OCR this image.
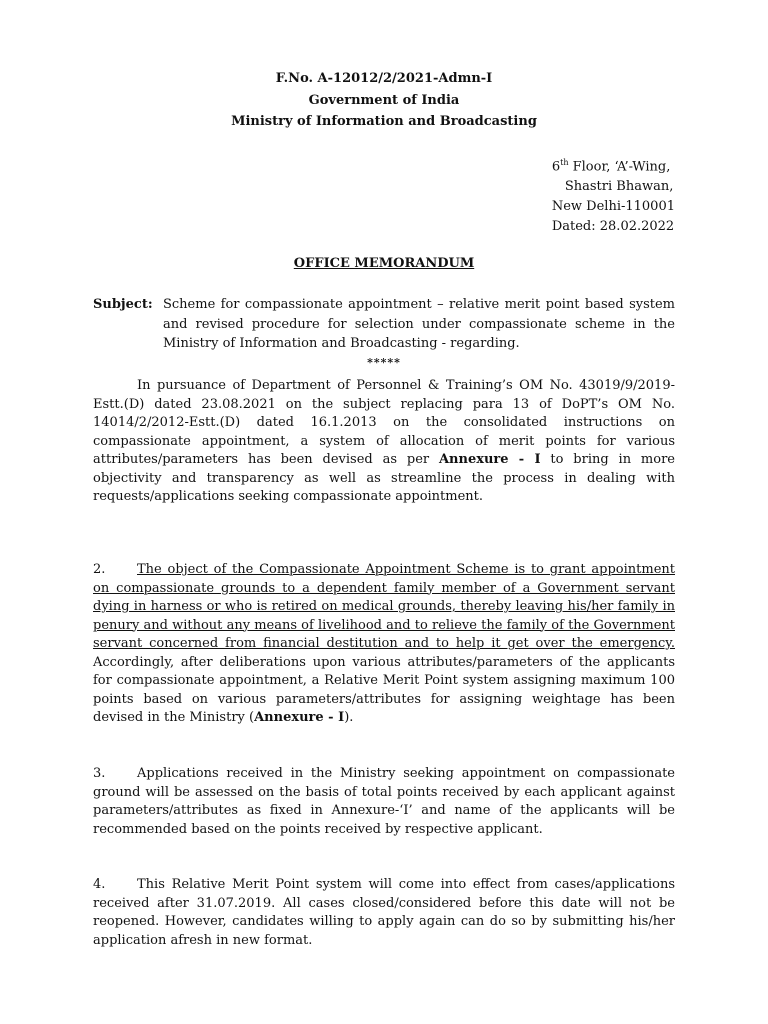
F.No. A-12012/2/2021-Admn-I
Government of India
Ministry of Information and Broadcasting
6th Floor, ‘A’-Wing,
Shastri Bhawan,
New Delhi-110001
Dated: 28.02.2022
OFFICE MEMORANDUM
Subject: Scheme for compassionate appointment – relative merit point based system and revised procedure for selection under compassionate scheme in the Ministry of Information and Broadcasting - regarding.
*****
In pursuance of Department of Personnel & Training’s OM No. 43019/9/2019-Estt.(D) dated 23.08.2021 on the subject replacing para 13 of DoPT’s OM No. 14014/2/2012-Estt.(D) dated 16.1.2013 on the consolidated instructions on compassionate appointment, a system of allocation of merit points for various attributes/parameters has been devised as per Annexure - I to bring in more objectivity and transparency as well as streamline the process in dealing with requests/applications seeking compassionate appointment.
2. The object of the Compassionate Appointment Scheme is to grant appointment on compassionate grounds to a dependent family member of a Government servant dying in harness or who is retired on medical grounds, thereby leaving his/her family in penury and without any means of livelihood and to relieve the family of the Government servant concerned from financial destitution and to help it get over the emergency. Accordingly, after deliberations upon various attributes/parameters of the applicants for compassionate appointment, a Relative Merit Point system assigning maximum 100 points based on various parameters/attributes for assigning weightage has been devised in the Ministry (Annexure - I).
3. Applications received in the Ministry seeking appointment on compassionate ground will be assessed on the basis of total points received by each applicant against parameters/attributes as fixed in Annexure-‘I’ and name of the applicants will be recommended based on the points received by respective applicant.
4. This Relative Merit Point system will come into effect from cases/applications received after 31.07.2019. All cases closed/considered before this date will not be reopened. However, candidates willing to apply again can do so by submitting his/her application afresh in new format.
